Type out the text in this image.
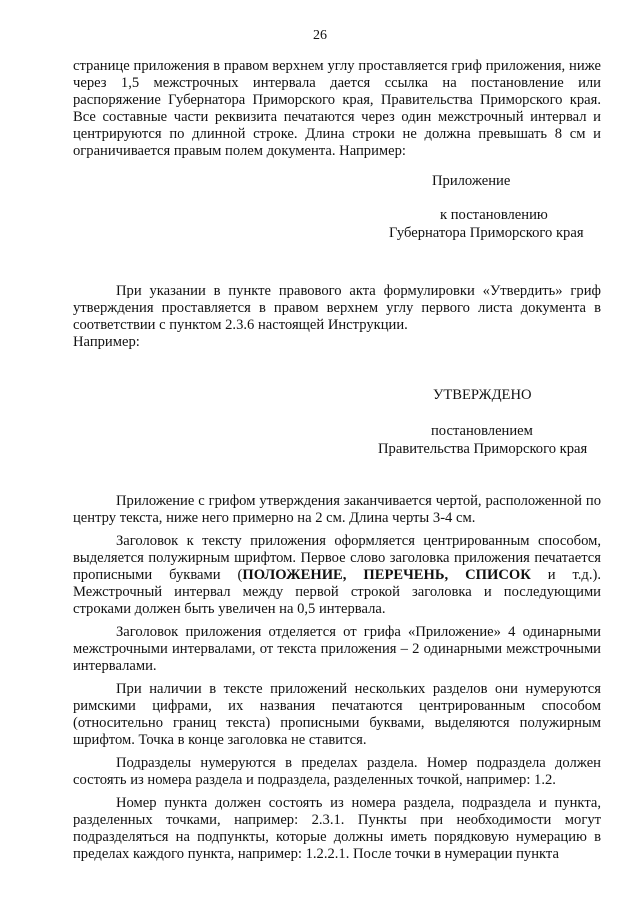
26

странице приложения в правом верхнем углу проставляется гриф приложения, ниже через 1,5 межстрочных интервала дается ссылка на постановление или распоряжение Губернатора Приморского края, Правительства Приморского края. Все составные части реквизита печатаются через один межстрочный интервал и центрируются по длинной строке. Длина строки не должна превышать 8 см и ограничивается правым полем документа. Например:

Приложение
к постановлению
Губернатора Приморского края

При указании в пункте правового акта формулировки «Утвердить» гриф утверждения проставляется в правом верхнем углу первого листа документа в соответствии с пунктом 2.3.6 настоящей Инструкции.

Например:

УТВЕРЖДЕНО
постановлением
Правительства Приморского края

Приложение с грифом утверждения заканчивается чертой, расположенной по центру текста, ниже него примерно на 2 см. Длина черты 3-4 см.

Заголовок к тексту приложения оформляется центрированным способом, выделяется полужирным шрифтом. Первое слово заголовка приложения печатается прописными буквами (ПОЛОЖЕНИЕ, ПЕРЕЧЕНЬ, СПИСОК и т.д.). Межстрочный интервал между первой строкой заголовка и последующими строками должен быть увеличен на 0,5 интервала.

Заголовок приложения отделяется от грифа «Приложение» 4 одинарными межстрочными интервалами, от текста приложения – 2 одинарными межстрочными интервалами.

При наличии в тексте приложений нескольких разделов они нумеруются римскими цифрами, их названия печатаются центрированным способом (относительно границ текста) прописными буквами, выделяются полужирным шрифтом. Точка в конце заголовка не ставится.

Подразделы нумеруются в пределах раздела. Номер подраздела должен состоять из номера раздела и подраздела, разделенных точкой, например: 1.2.

Номер пункта должен состоять из номера раздела, подраздела и пункта, разделенных точками, например: 2.3.1. Пункты при необходимости могут подразделяться на подпункты, которые должны иметь порядковую нумерацию в пределах каждого пункта, например: 1.2.2.1. После точки в нумерации пункта
